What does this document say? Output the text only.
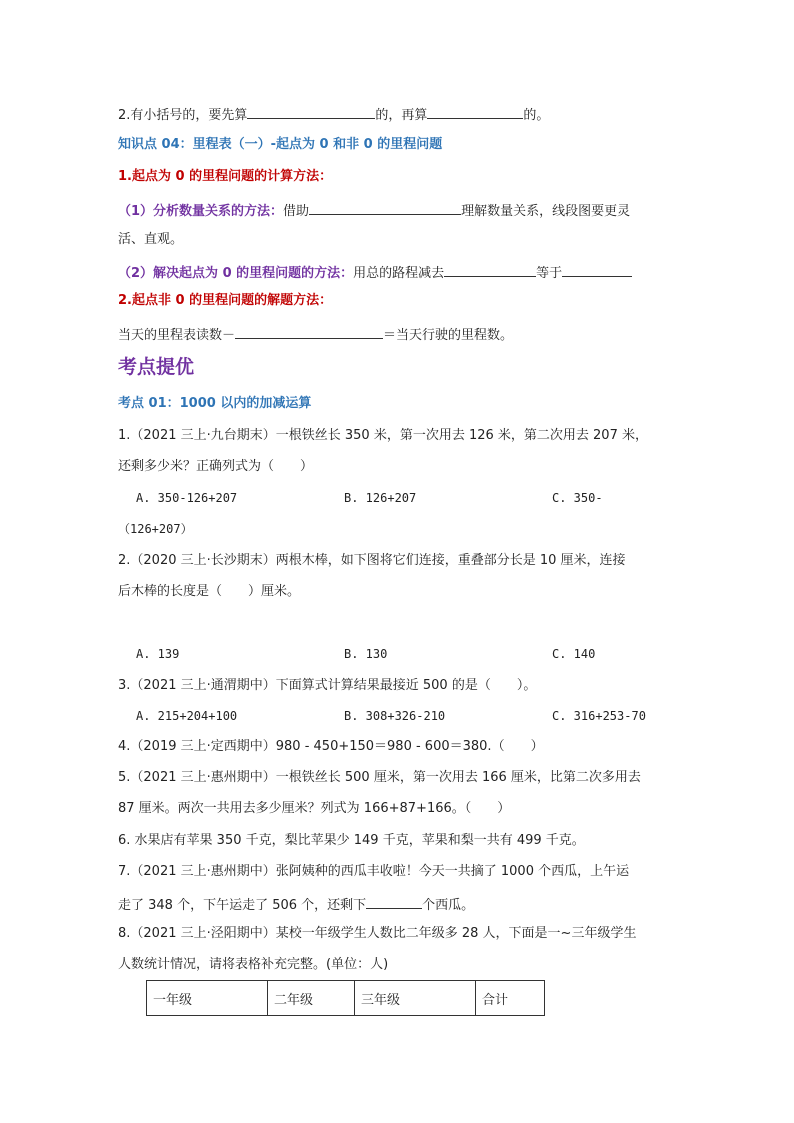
2.有小括号的，要先算	的，再算	的。
知识点 04：里程表（一）-起点为 0 和非 0 的里程问题
1.起点为 0 的里程问题的计算方法：
（1）分析数量关系的方法：借助	理解数量关系，线段图要更灵
活、直观。
（2）解决起点为 0 的里程问题的方法：用总的路程减去	等于
2.起点非 0 的里程问题的解题方法：
当天的里程表读数－	＝当天行驶的里程数。
考点提优
考点 01：1000 以内的加减运算
1.（2021 三上·九台期末）一根铁丝长 350 米，第一次用去 126 米，第二次用去 207 米，
还剩多少米？正确列式为（　　）
A. 350-126+207	B. 126+207	C. 350-
（126+207）
2.（2020 三上·长沙期末）两根木棒，如下图将它们连接，重叠部分长是 10 厘米，连接
后木棒的长度是（　　）厘米。
A. 139	B. 130	C. 140
3.（2021 三上·通渭期中）下面算式计算结果最接近 500 的是（　　）。
A. 215+204+100	B. 308+326-210	C. 316+253-70
4.（2019 三上·定西期中）980 - 450+150＝980 - 600＝380.（　　）
5.（2021 三上·惠州期中）一根铁丝长 500 厘米，第一次用去 166 厘米，比第二次多用去
87 厘米。两次一共用去多少厘米？列式为 166+87+166。（　　）
6. 水果店有苹果 350 千克，梨比苹果少 149 千克，苹果和梨一共有 499 千克。
7.（2021 三上·惠州期中）张阿姨种的西瓜丰收啦！今天一共摘了 1000 个西瓜，上午运
走了 348 个，下午运走了 506 个，还剩下	个西瓜。
8.（2021 三上·泾阳期中）某校一年级学生人数比二年级多 28 人，下面是一~三年级学生
人数统计情况，请将表格补充完整。(单位：人)
一年级	二年级	三年级	合计
